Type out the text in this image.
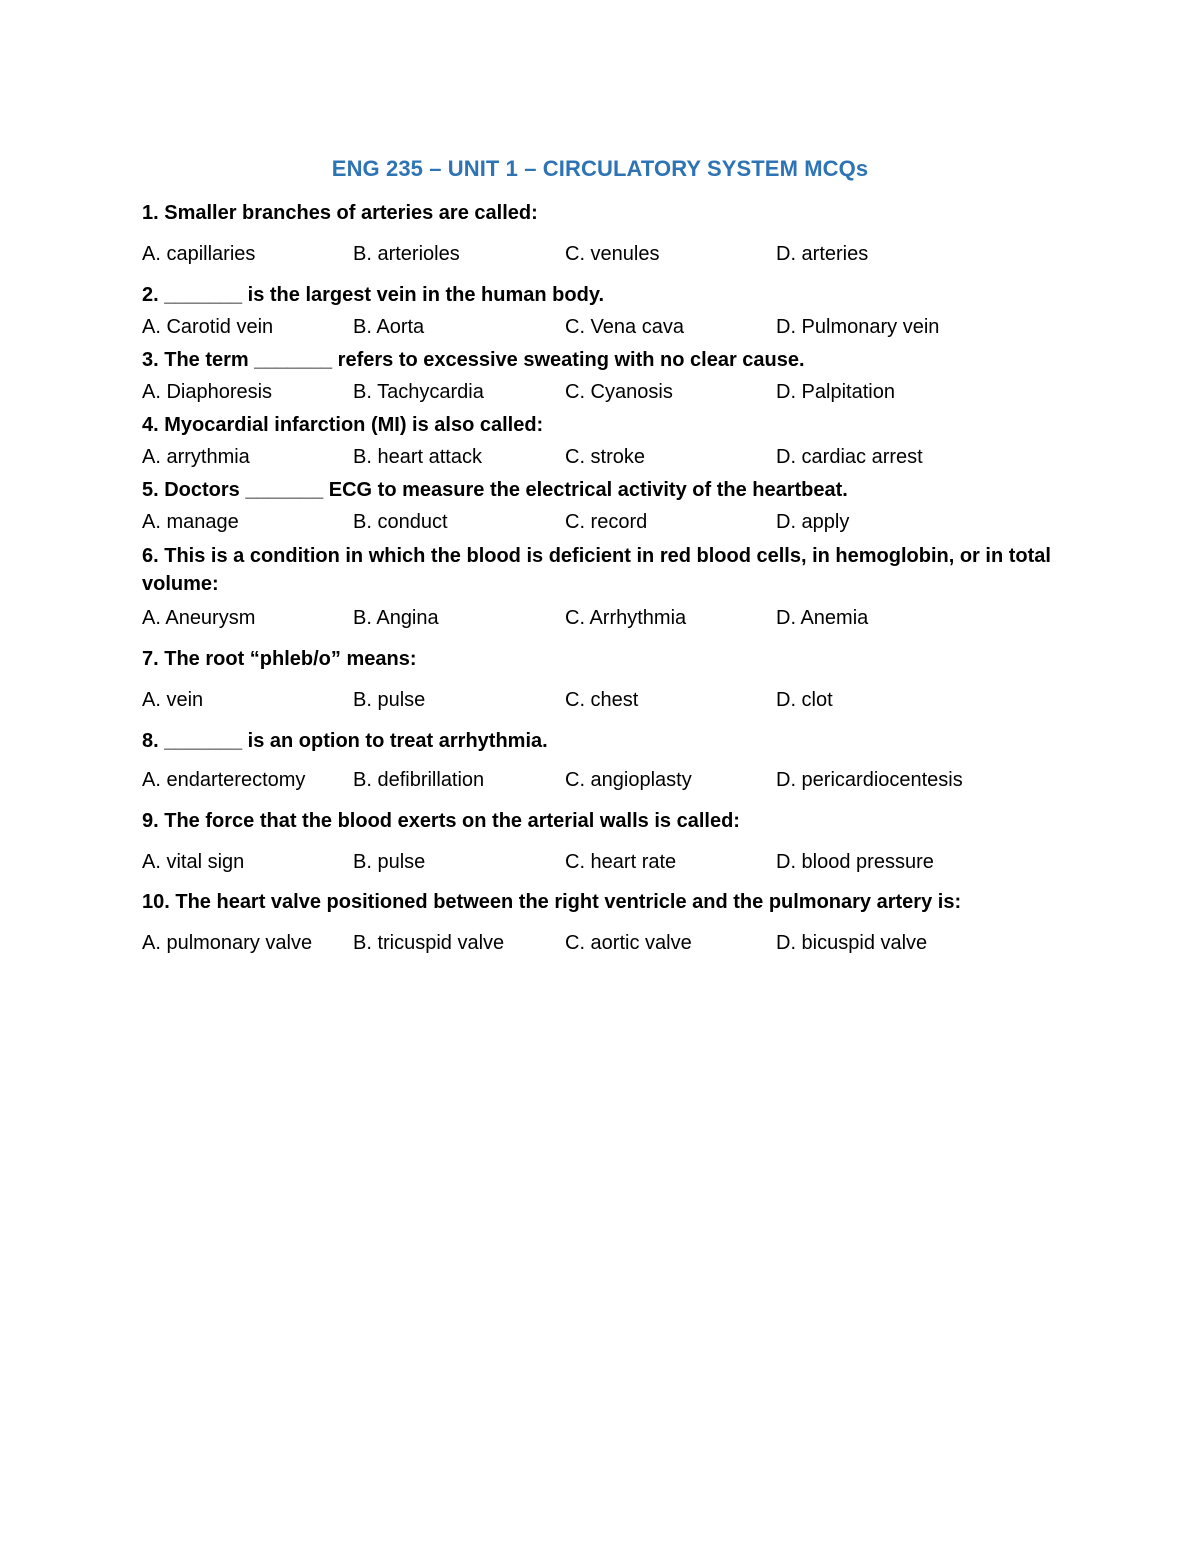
ENG 235 – UNIT 1 – CIRCULATORY SYSTEM MCQs
1. Smaller branches of arteries are called:
A. capillaries	B. arterioles	C. venules	D. arteries
2. _______ is the largest vein in the human body.
A. Carotid vein	B. Aorta	C. Vena cava	D. Pulmonary vein
3. The term _______ refers to excessive sweating with no clear cause.
A. Diaphoresis	B. Tachycardia	C. Cyanosis	D. Palpitation
4. Myocardial infarction (MI) is also called:
A. arrythmia	B. heart attack	C. stroke	D. cardiac arrest
5. Doctors _______ ECG to measure the electrical activity of the heartbeat.
A. manage	B. conduct	C. record	D. apply
6. This is a condition in which the blood is deficient in red blood cells, in hemoglobin, or in total volume:
A. Aneurysm	B. Angina	C. Arrhythmia	D. Anemia
7. The root “phleb/o” means:
A. vein	B. pulse	C. chest	D. clot
8. _______ is an option to treat arrhythmia.
A. endarterectomy B. defibrillation	C. angioplasty	D. pericardiocentesis
9. The force that the blood exerts on the arterial walls is called:
A. vital sign	B. pulse	C. heart rate	D. blood pressure
10. The heart valve positioned between the right ventricle and the pulmonary artery is:
A. pulmonary valve B. tricuspid valve	C. aortic valve	D. bicuspid valve
